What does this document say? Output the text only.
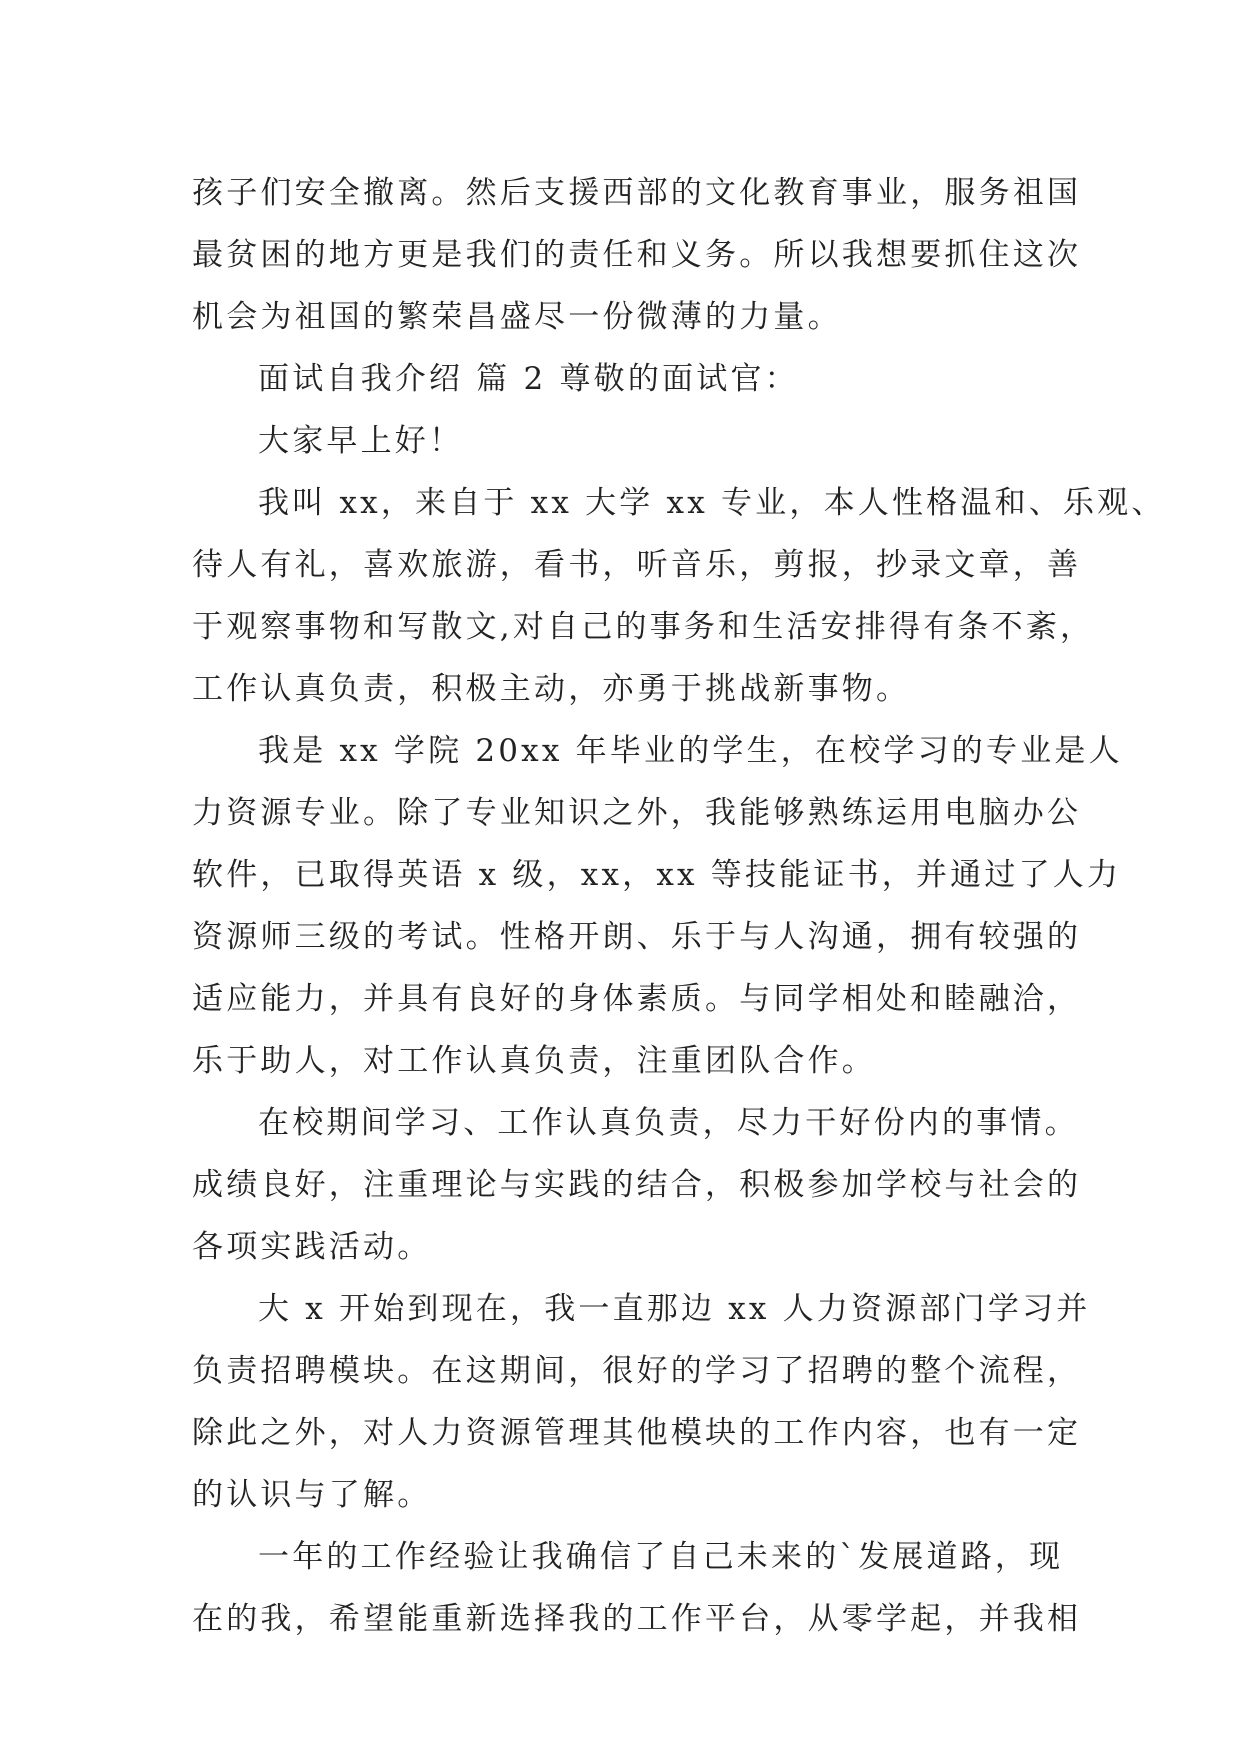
孩子们安全撤离。然后支援西部的文化教育事业，服务祖国
最贫困的地方更是我们的责任和义务。所以我想要抓住这次
机会为祖国的繁荣昌盛尽一份微薄的力量。
面试自我介绍 篇 2 尊敬的面试官：
大家早上好！
我叫 xx，来自于 xx 大学 xx 专业，本人性格温和、乐观、
待人有礼，喜欢旅游，看书，听音乐，剪报，抄录文章，善
于观察事物和写散文,对自己的事务和生活安排得有条不紊，
工作认真负责，积极主动，亦勇于挑战新事物。
我是 xx 学院 20xx 年毕业的学生，在校学习的专业是人
力资源专业。除了专业知识之外，我能够熟练运用电脑办公
软件，已取得英语 x 级，xx，xx 等技能证书，并通过了人力
资源师三级的考试。性格开朗、乐于与人沟通，拥有较强的
适应能力，并具有良好的身体素质。与同学相处和睦融洽，
乐于助人，对工作认真负责，注重团队合作。
在校期间学习、工作认真负责，尽力干好份内的事情。
成绩良好，注重理论与实践的结合，积极参加学校与社会的
各项实践活动。
大 x 开始到现在，我一直那边 xx 人力资源部门学习并
负责招聘模块。在这期间，很好的学习了招聘的整个流程，
除此之外，对人力资源管理其他模块的工作内容，也有一定
的认识与了解。
一年的工作经验让我确信了自己未来的`发展道路，现
在的我，希望能重新选择我的工作平台，从零学起，并我相
